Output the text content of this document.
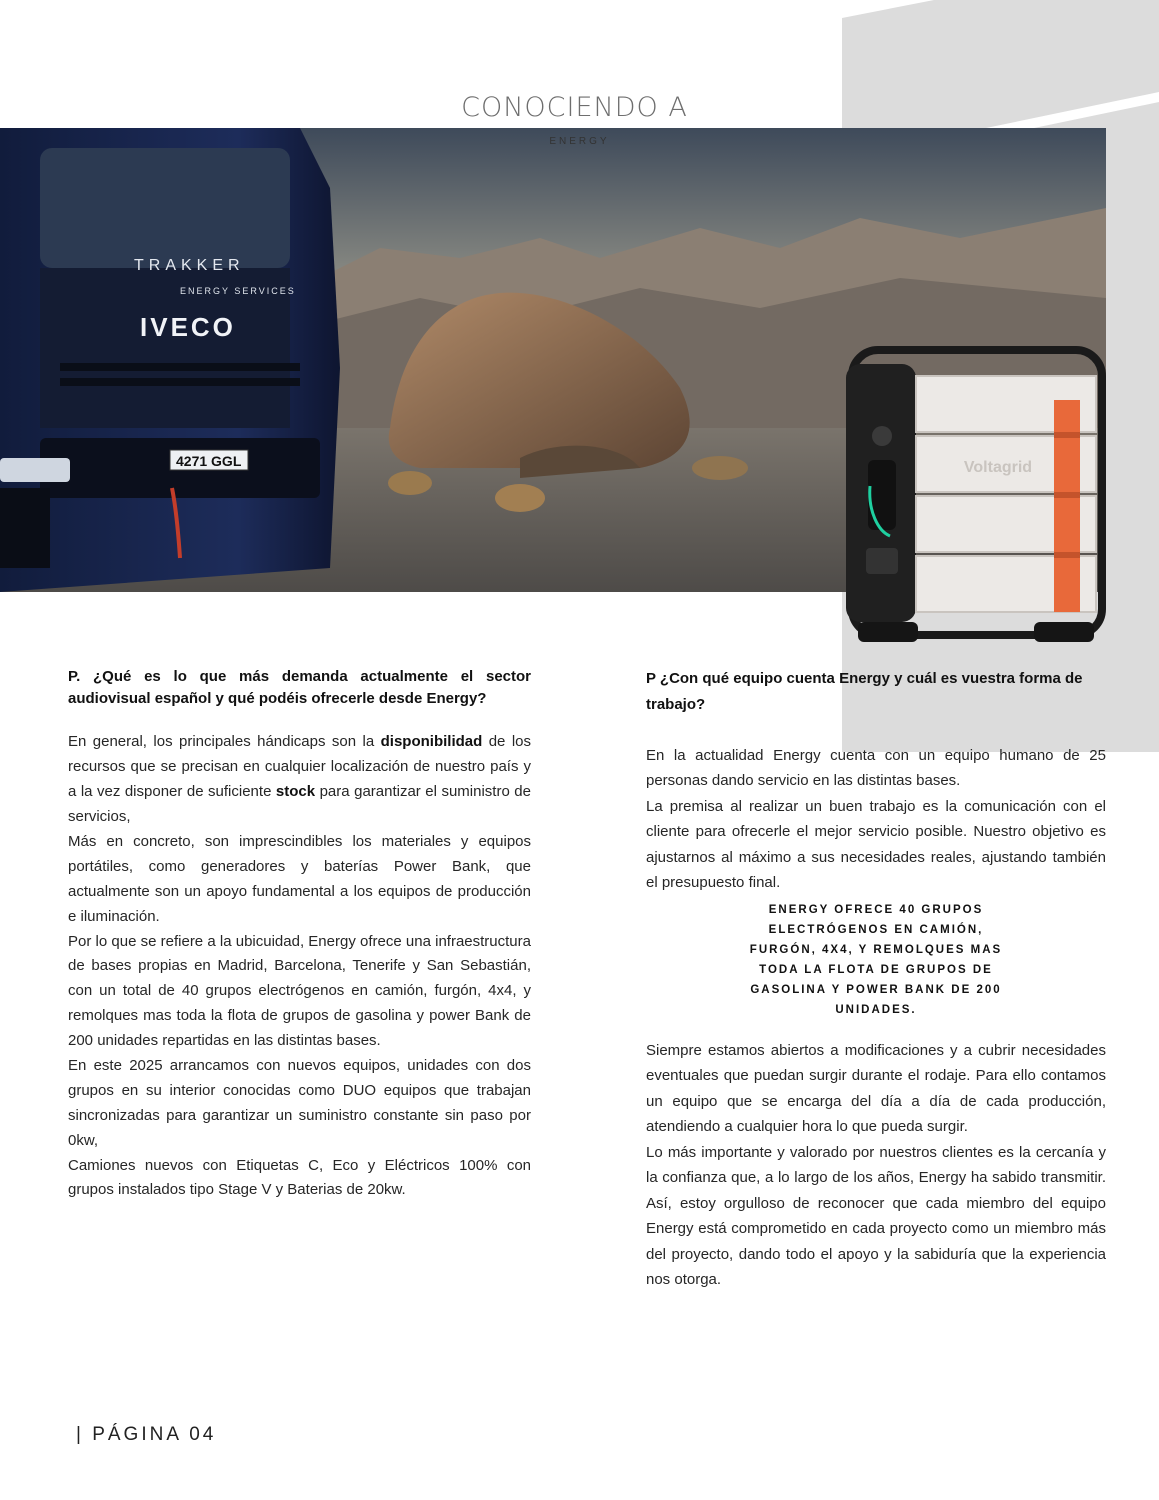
CONOCIENDO A
ENERGY
TRAKKER
ENERGY SERVICES
IVECO
4271 GGL	Voltagrid

P. ¿Qué es lo que más demanda actualmente el sector audiovisual español y qué podéis ofrecerle desde Energy?

En general, los principales hándicaps son la disponibilidad de los recursos que se precisan en cualquier localización de nuestro país y a la vez disponer de suficiente stock para garantizar el suministro de servicios,

Más en concreto, son imprescindibles los materiales y equipos portátiles, como generadores y baterías Power Bank, que actualmente son un apoyo fundamental a los equipos de producción e iluminación.

Por lo que se refiere a la ubicuidad, Energy ofrece una infraestructura de bases propias en Madrid, Barcelona, Tenerife y San Sebastián, con un total de 40 grupos electrógenos en camión, furgón, 4x4, y remolques mas toda la flota de grupos de gasolina y power Bank de 200 unidades repartidas en las distintas bases.

En este 2025 arrancamos con nuevos equipos, unidades con dos grupos en su interior conocidas como DUO equipos que trabajan sincronizadas para garantizar un suministro constante sin paso por 0kw,

Camiones nuevos con Etiquetas C, Eco y Eléctricos 100% con grupos instalados tipo Stage V y Baterias de 20kw.

P ¿Con qué equipo cuenta Energy y cuál es vuestra forma de trabajo?

En la actualidad Energy cuenta con un equipo humano de 25 personas dando servicio en las distintas bases.

La premisa al realizar un buen trabajo es la comunicación con el cliente para ofrecerle el mejor servicio posible. Nuestro objetivo es ajustarnos al máximo a sus necesidades reales, ajustando también el presupuesto final.

ENERGY OFRECE 40 GRUPOS ELECTRÓGENOS EN CAMIÓN, FURGÓN, 4X4, Y REMOLQUES MAS TODA LA FLOTA DE GRUPOS DE GASOLINA Y POWER BANK DE 200 UNIDADES.

Siempre estamos abiertos a modificaciones y a cubrir necesidades eventuales que puedan surgir durante el rodaje. Para ello contamos un equipo que se encarga del día a día de cada producción, atendiendo a cualquier hora lo que pueda surgir.

Lo más importante y valorado por nuestros clientes es la cercanía y la confianza que, a lo largo de los años, Energy ha sabido transmitir. Así, estoy orgulloso de reconocer que cada miembro del equipo Energy está comprometido en cada proyecto como un miembro más del proyecto, dando todo el apoyo y la sabiduría que la experiencia nos otorga.

| PÁGINA 04
